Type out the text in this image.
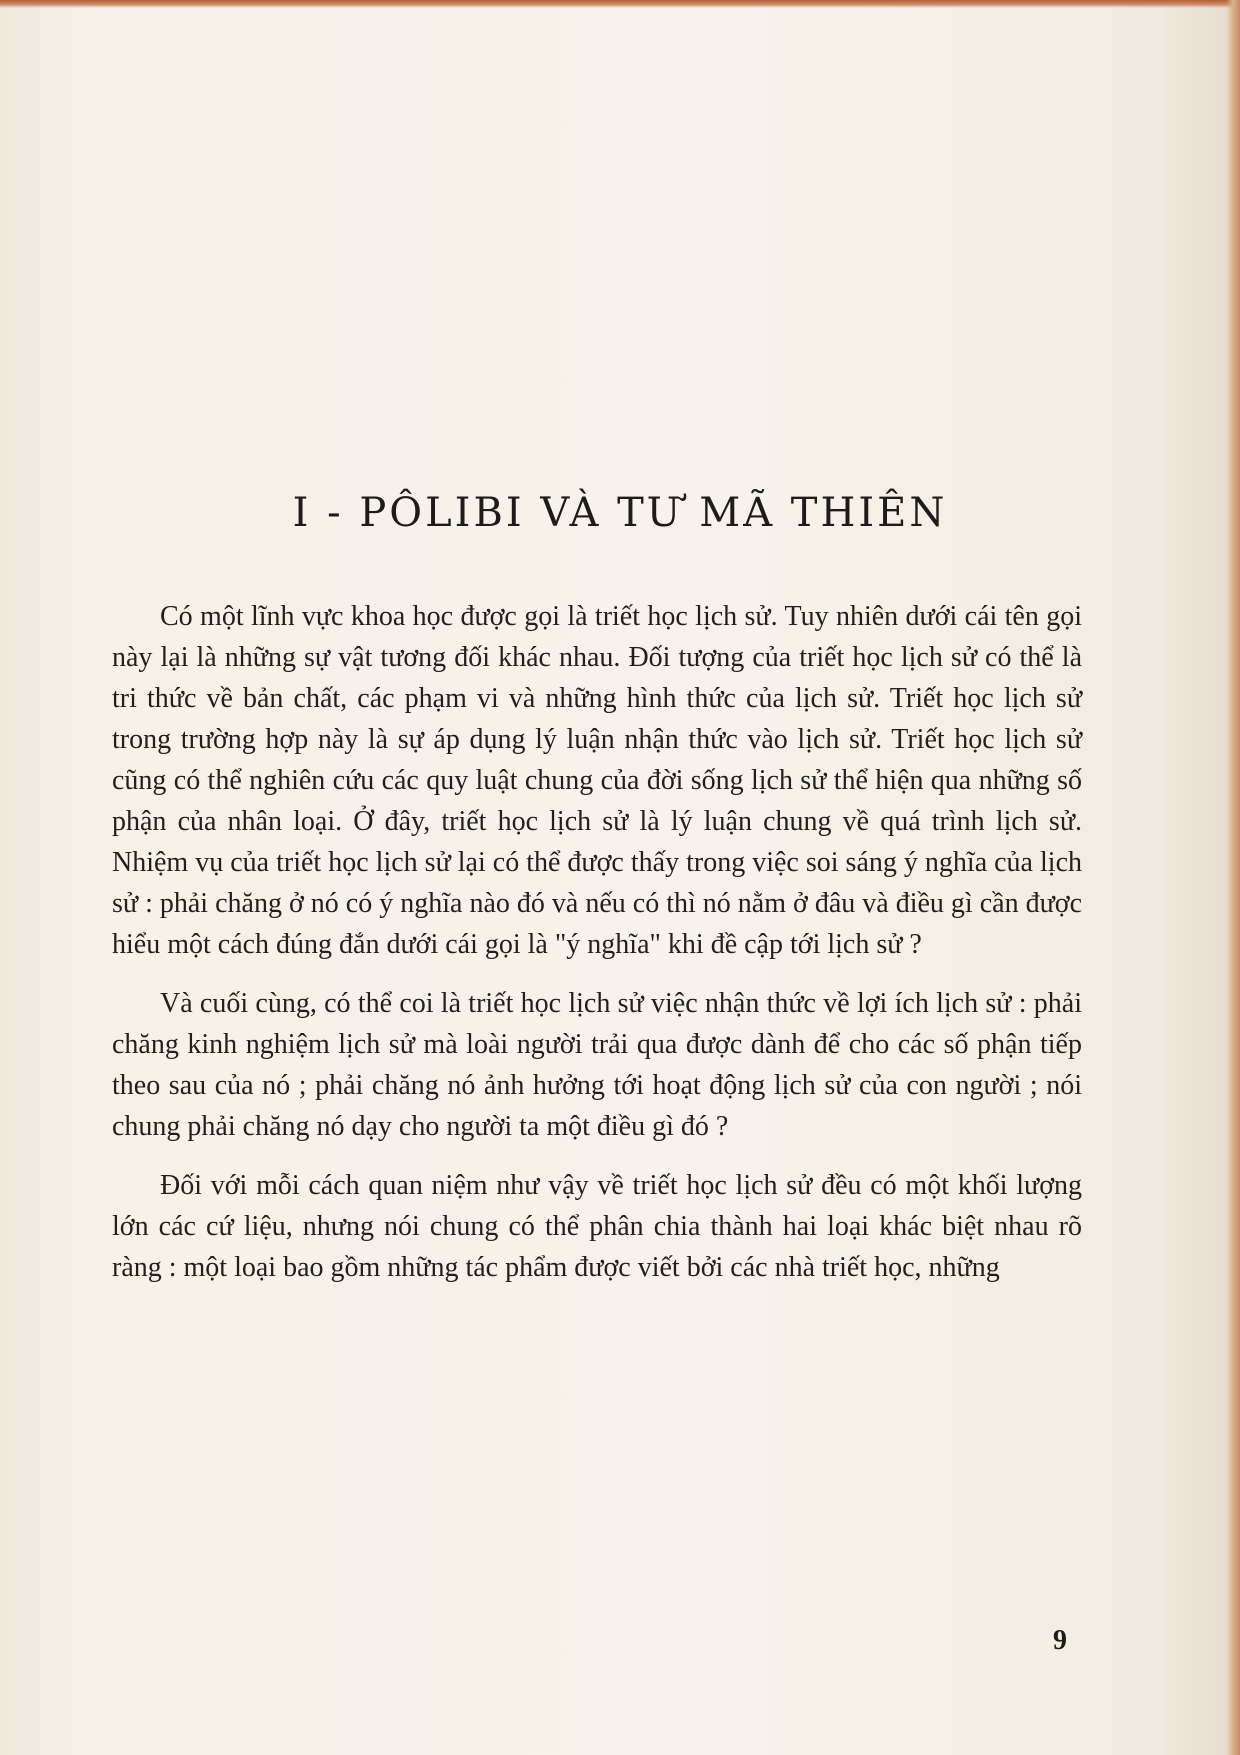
I - PÔLIBI VÀ TƯ MÃ THIÊN

Có một lĩnh vực khoa học được gọi là triết học lịch sử. Tuy nhiên dưới cái tên gọi này lại là những sự vật tương đối khác nhau. Đối tượng của triết học lịch sử có thể là tri thức về bản chất, các phạm vi và những hình thức của lịch sử. Triết học lịch sử trong trường hợp này là sự áp dụng lý luận nhận thức vào lịch sử. Triết học lịch sử cũng có thể nghiên cứu các quy luật chung của đời sống lịch sử thể hiện qua những số phận của nhân loại. Ở đây, triết học lịch sử là lý luận chung về quá trình lịch sử. Nhiệm vụ của triết học lịch sử lại có thể được thấy trong việc soi sáng ý nghĩa của lịch sử : phải chăng ở nó có ý nghĩa nào đó và nếu có thì nó nằm ở đâu và điều gì cần được hiểu một cách đúng đắn dưới cái gọi là "ý nghĩa" khi đề cập tới lịch sử ?

Và cuối cùng, có thể coi là triết học lịch sử việc nhận thức về lợi ích lịch sử : phải chăng kinh nghiệm lịch sử mà loài người trải qua được dành để cho các số phận tiếp theo sau của nó ; phải chăng nó ảnh hưởng tới hoạt động lịch sử của con người ; nói chung phải chăng nó dạy cho người ta một điều gì đó ?

Đối với mỗi cách quan niệm như vậy về triết học lịch sử đều có một khối lượng lớn các cứ liệu, nhưng nói chung có thể phân chia thành hai loại khác biệt nhau rõ ràng : một loại bao gồm những tác phẩm được viết bởi các nhà triết học, những

9
